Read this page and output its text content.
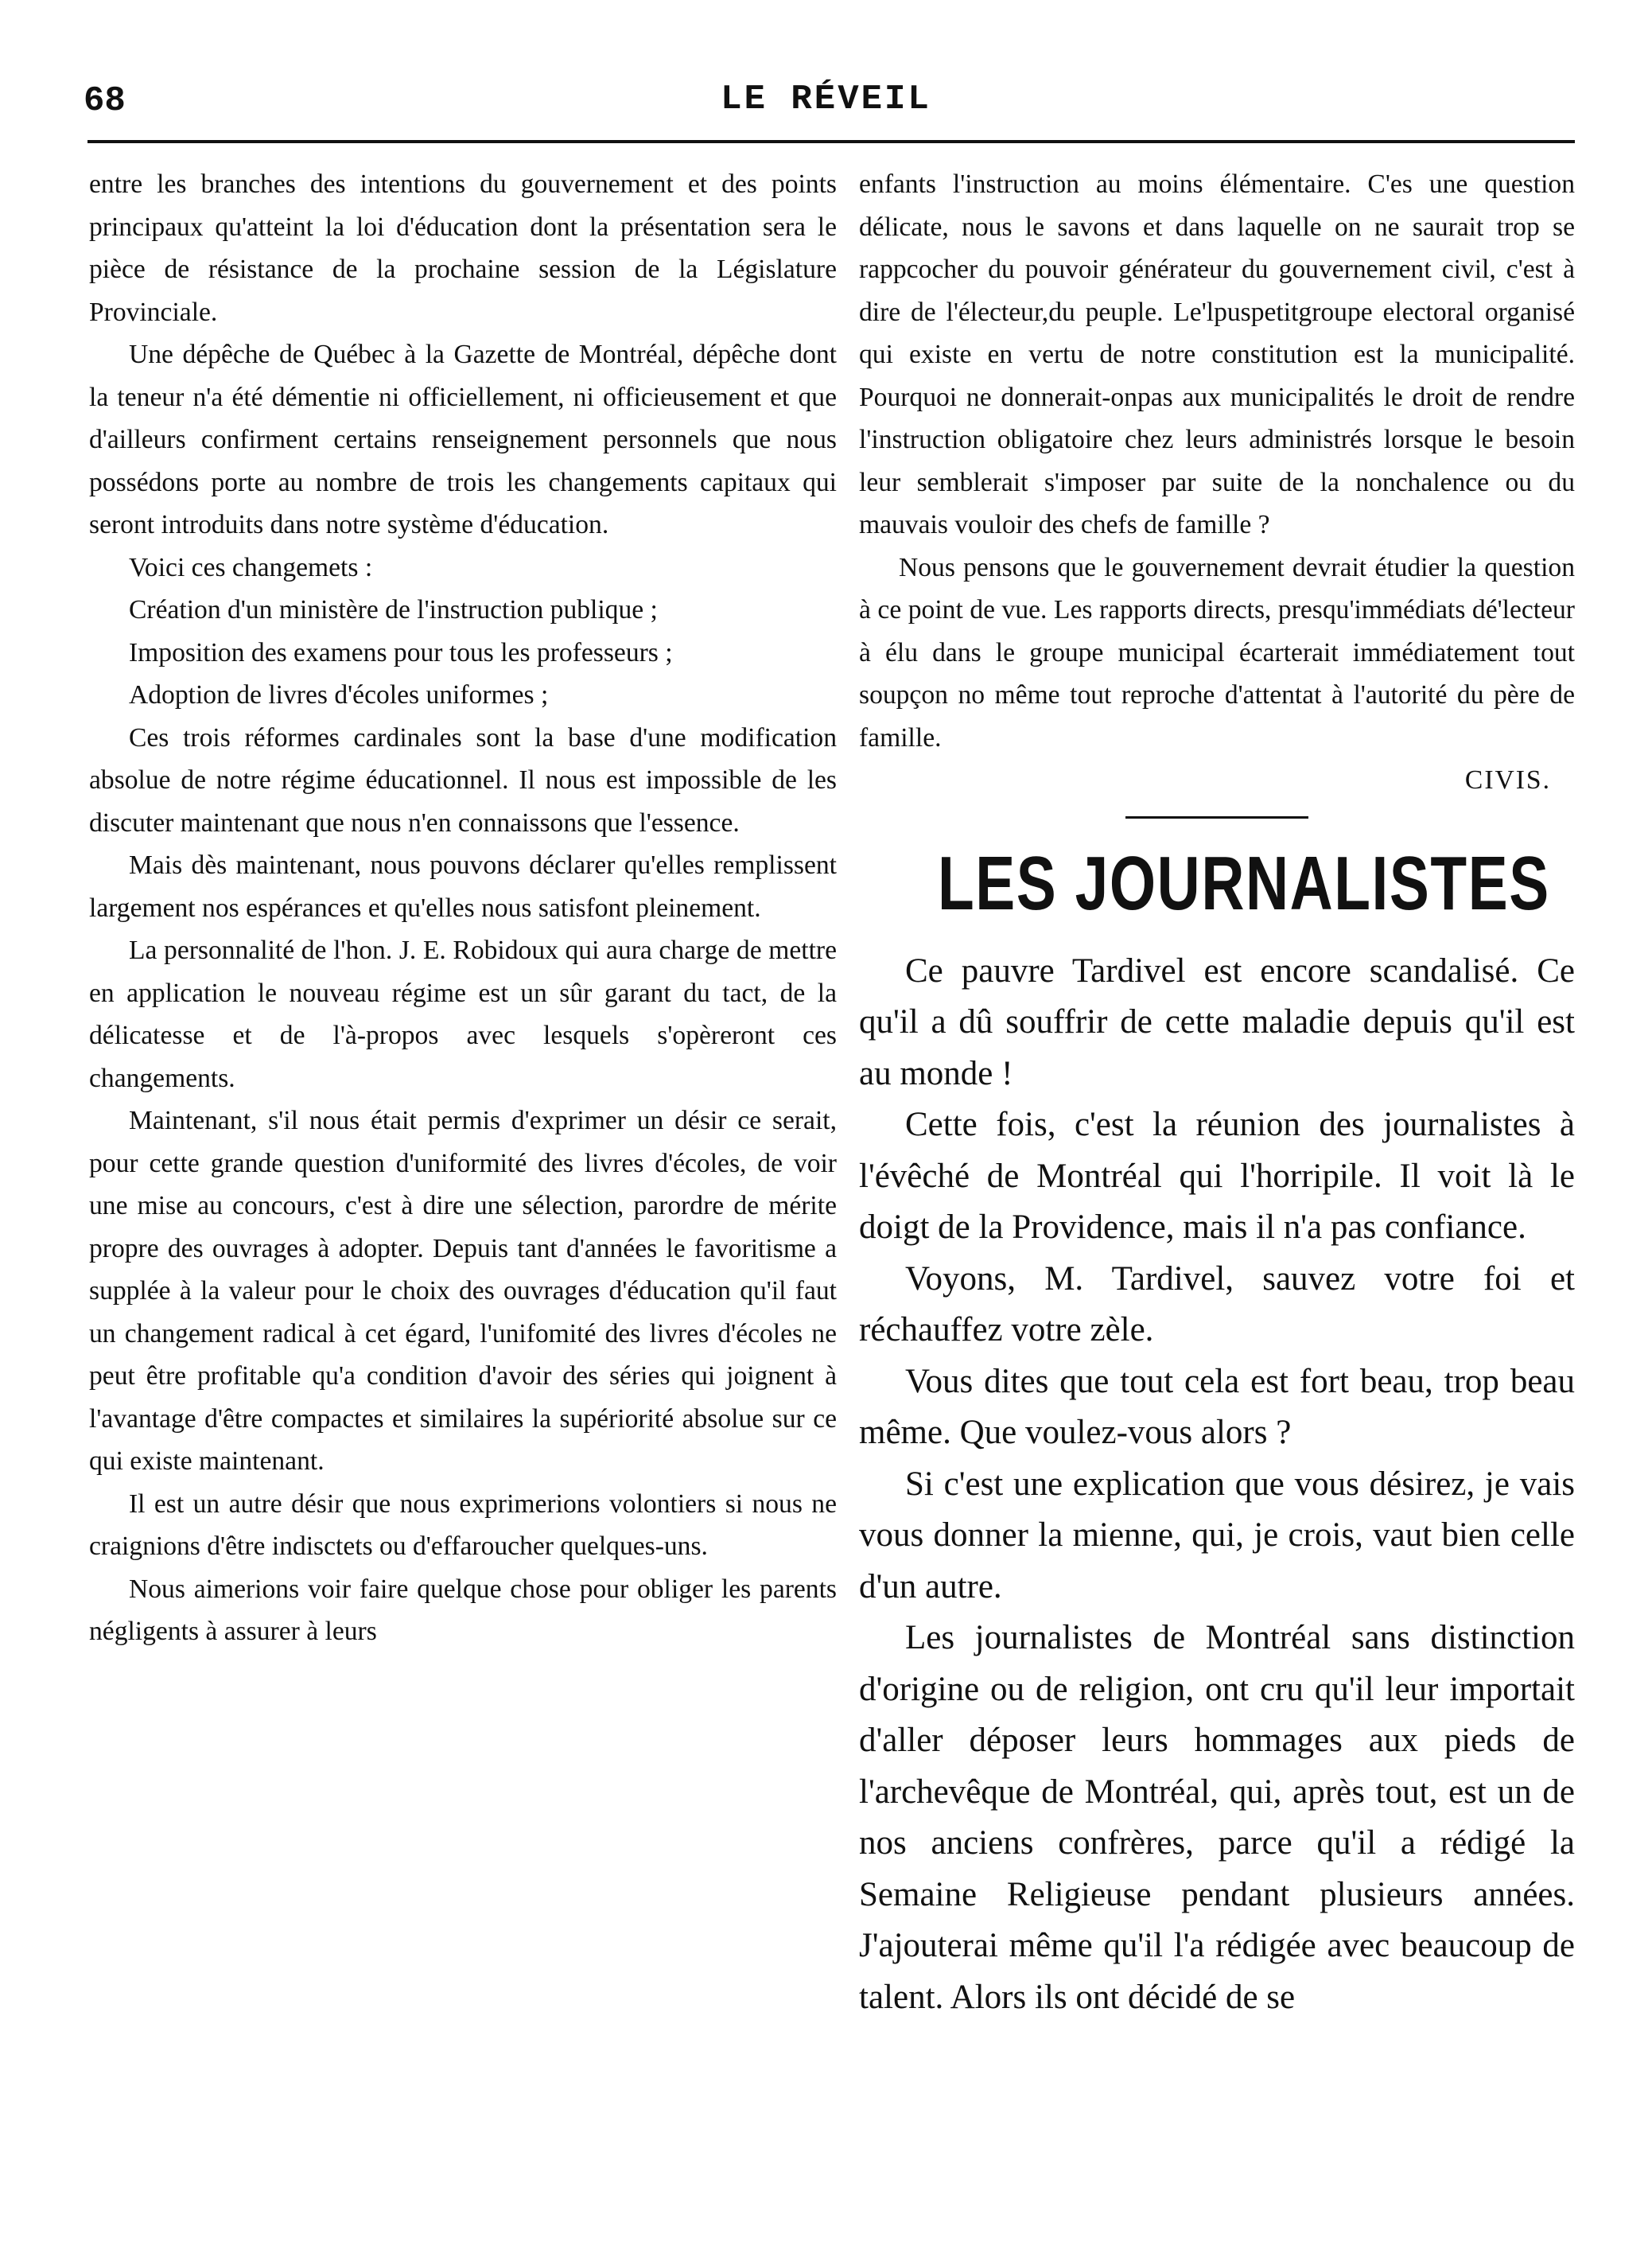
68	LE RÉVEIL

entre les branches des intentions du gouvernement et des points principaux qu'atteint la loi d'éducation dont la présentation sera le pièce de résistance de la prochaine session de la Législature Provinciale.

Une dépêche de Québec à la Gazette de Montréal, dépêche dont la teneur n'a été démentie ni officiellement, ni officieusement et que d'ailleurs confirment certains renseignement personnels que nous possédons porte au nombre de trois les changements capitaux qui seront introduits dans notre système d'éducation.

Voici ces changemets :

Création d'un ministère de l'instruction publique ;

Imposition des examens pour tous les professeurs ;

Adoption de livres d'écoles uniformes ;

Ces trois réformes cardinales sont la base d'une modification absolue de notre régime éducationnel. Il nous est impossible de les discuter maintenant que nous n'en connaissons que l'essence.

Mais dès maintenant, nous pouvons déclarer qu'elles remplissent largement nos espérances et qu'elles nous satisfont pleinement.

La personnalité de l'hon. J. E. Robidoux qui aura charge de mettre en application le nouveau régime est un sûr garant du tact, de la délicatesse et de l'à-propos avec lesquels s'opèreront ces changements.

Maintenant, s'il nous était permis d'exprimer un désir ce serait, pour cette grande question d'uniformité des livres d'écoles, de voir une mise au concours, c'est à dire une sélection, parordre de mérite propre des ouvrages à adopter. Depuis tant d'années le favoritisme a supplée à la valeur pour le choix des ouvrages d'éducation qu'il faut un changement radical à cet égard, l'unifomité des livres d'écoles ne peut être profitable qu'a condition d'avoir des séries qui joignent à l'avantage d'être compactes et similaires la supériorité absolue sur ce qui existe maintenant.

Il est un autre désir que nous exprimerions volontiers si nous ne craignions d'être indisctets ou d'effaroucher quelques-uns.

Nous aimerions voir faire quelque chose pour obliger les parents négligents à assurer à leurs

enfants l'instruction au moins élémentaire. C'es une question délicate, nous le savons et dans laquelle on ne saurait trop se rappcocher du pouvoir générateur du gouvernement civil, c'est à dire de l'électeur,du peuple. Le'lpuspetitgroupe electoral organisé qui existe en vertu de notre constitution est la municipalité. Pourquoi ne donnerait-onpas aux municipalités le droit de rendre l'instruction obligatoire chez leurs administrés lorsque le besoin leur semblerait s'imposer par suite de la nonchalence ou du mauvais vouloir des chefs de famille ?

Nous pensons que le gouvernement devrait étudier la question à ce point de vue. Les rapports directs, presqu'immédiats dé'lecteur à élu dans le groupe municipal écarterait immédiatement tout soupçon no même tout reproche d'attentat à l'autorité du père de famille.

CIVIS.

LES JOURNALISTES

Ce pauvre Tardivel est encore scandalisé. Ce qu'il a dû souffrir de cette maladie depuis qu'il est au monde !

Cette fois, c'est la réunion des journalistes à l'évêché de Montréal qui l'horripile. Il voit là le doigt de la Providence, mais il n'a pas confiance.

Voyons, M. Tardivel, sauvez votre foi et réchauffez votre zèle.

Vous dites que tout cela est fort beau, trop beau même. Que voulez-vous alors ?

Si c'est une explication que vous désirez, je vais vous donner la mienne, qui, je crois, vaut bien celle d'un autre.

Les journalistes de Montréal sans distinction d'origine ou de religion, ont cru qu'il leur importait d'aller déposer leurs hommages aux pieds de l'archevêque de Montréal, qui, après tout, est un de nos anciens confrères, parce qu'il a rédigé la Semaine Religieuse pendant plusieurs années. J'ajouterai même qu'il l'a rédigée avec beaucoup de talent. Alors ils ont décidé de se
